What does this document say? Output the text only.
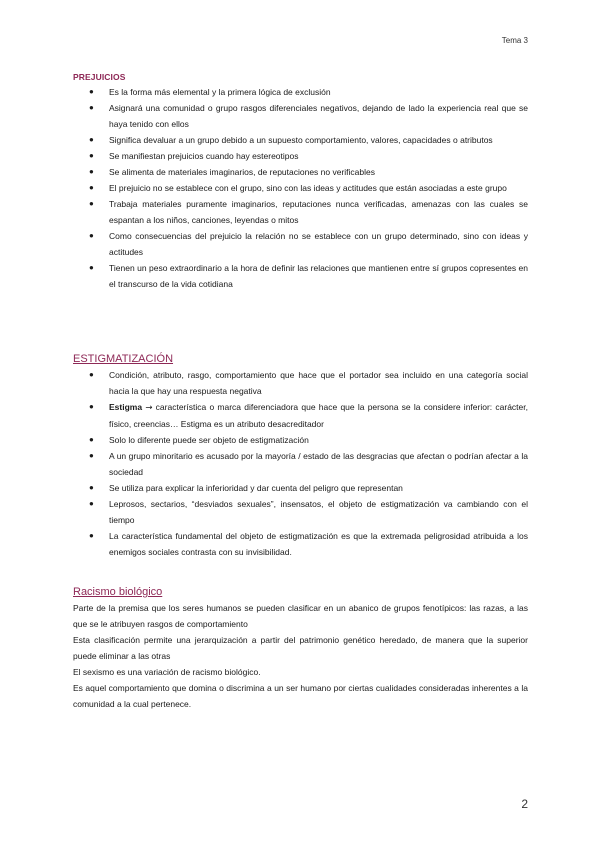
Tema 3
PREJUICIOS
● Es la forma más elemental y la primera lógica de exclusión
● Asignará una comunidad o grupo rasgos diferenciales negativos, dejando de lado la experiencia real que se haya tenido con ellos
● Significa devaluar a un grupo debido a un supuesto comportamiento, valores, capacidades o atributos
● Se manifiestan prejuicios cuando hay estereotipos
● Se alimenta de materiales imaginarios, de reputaciones no verificables
● El prejuicio no se establece con el grupo, sino con las ideas y actitudes que están asociadas a este grupo
● Trabaja materiales puramente imaginarios, reputaciones nunca verificadas, amenazas con las cuales se espantan a los niños, canciones, leyendas o mitos
● Como consecuencias del prejuicio la relación no se establece con un grupo determinado, sino con ideas y actitudes
● Tienen un peso extraordinario a la hora de definir las relaciones que mantienen entre sí grupos copresentes en el transcurso de la vida cotidiana
ESTIGMATIZACIÓN
● Condición, atributo, rasgo, comportamiento que hace que el portador sea incluido en una categoría social hacia la que hay una respuesta negativa
● Estigma → característica o marca diferenciadora que hace que la persona se la considere inferior: carácter, físico, creencias… Estigma es un atributo desacreditador
● Solo lo diferente puede ser objeto de estigmatización
● A un grupo minoritario es acusado por la mayoría / estado de las desgracias que afectan o podrían afectar a la sociedad
● Se utiliza para explicar la inferioridad y dar cuenta del peligro que representan
● Leprosos, sectarios, “desviados sexuales”, insensatos, el objeto de estigmatización va cambiando con el tiempo
● La característica fundamental del objeto de estigmatización es que la extremada peligrosidad atribuida a los enemigos sociales contrasta con su invisibilidad.
Racismo biológico

Parte de la premisa que los seres humanos se pueden clasificar en un abanico de grupos fenotípicos: las razas, a las que se le atribuyen rasgos de comportamiento

Esta clasificación permite una jerarquización a partir del patrimonio genético heredado, de manera que la superior puede eliminar a las otras

El sexismo es una variación de racismo biológico.

Es aquel comportamiento que domina o discrimina a un ser humano por ciertas cualidades consideradas inherentes a la comunidad a la cual pertenece.

2
